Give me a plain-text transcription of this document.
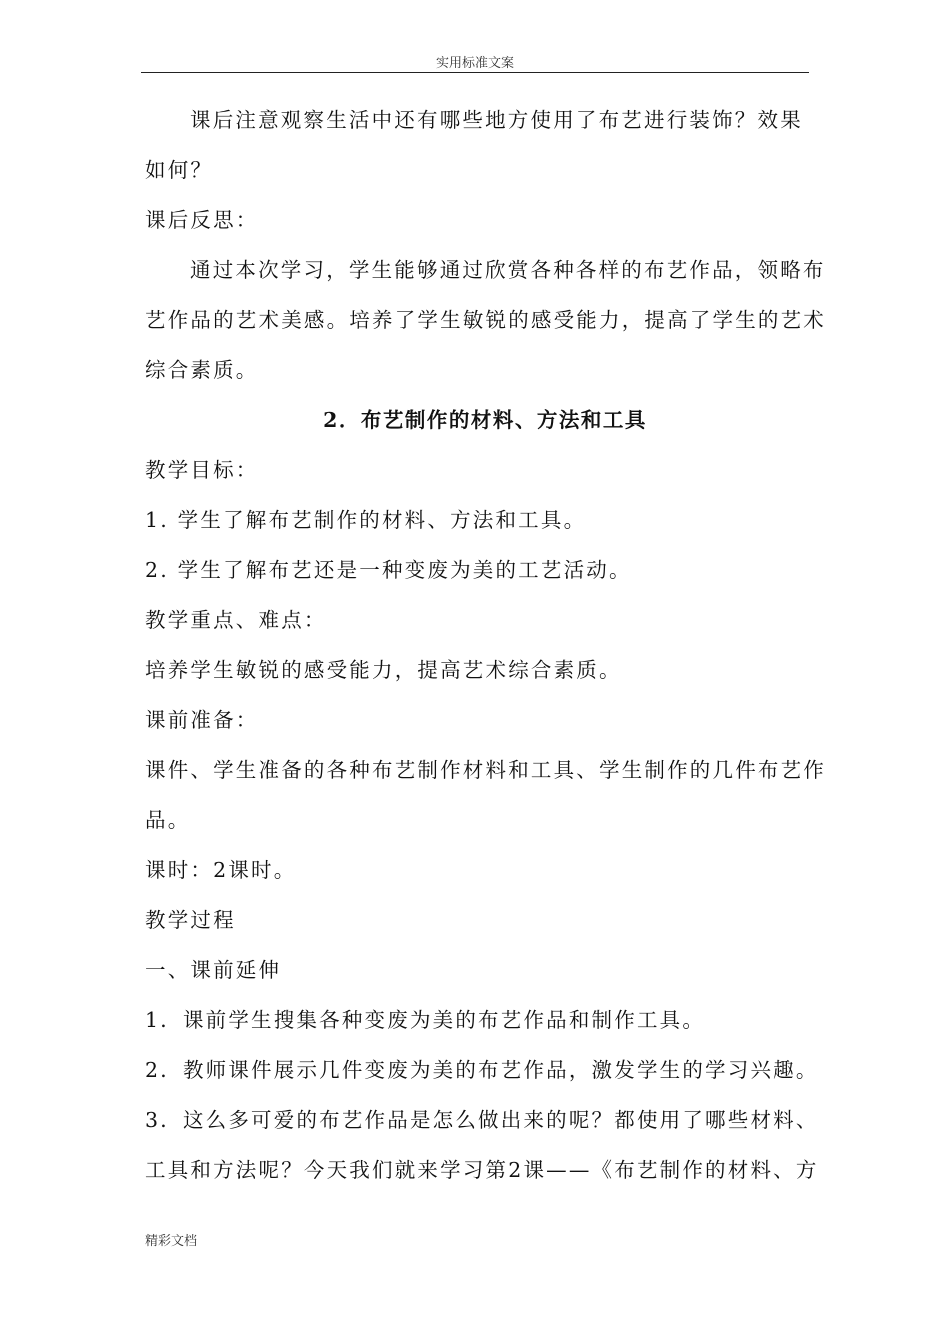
实用标准文案

课后注意观察生活中还有哪些地方使用了布艺进行装饰？效果

如何？

课后反思：

通过本次学习，学生能够通过欣赏各种各样的布艺作品，领略布

艺作品的艺术美感。培养了学生敏锐的感受能力，提高了学生的艺术

综合素质。

2．布艺制作的材料、方法和工具

教学目标：

1. 学生了解布艺制作的材料、方法和工具。

2. 学生了解布艺还是一种变废为美的工艺活动。

教学重点、难点：

培养学生敏锐的感受能力，提高艺术综合素质。

课前准备：

课件、学生准备的各种布艺制作材料和工具、学生制作的几件布艺作

品。

课时：2课时。

教学过程

一、课前延伸

1．课前学生搜集各种变废为美的布艺作品和制作工具。

2．教师课件展示几件变废为美的布艺作品，激发学生的学习兴趣。

3．这么多可爱的布艺作品是怎么做出来的呢？都使用了哪些材料、

工具和方法呢？今天我们就来学习第2课——《布艺制作的材料、方

精彩文档
